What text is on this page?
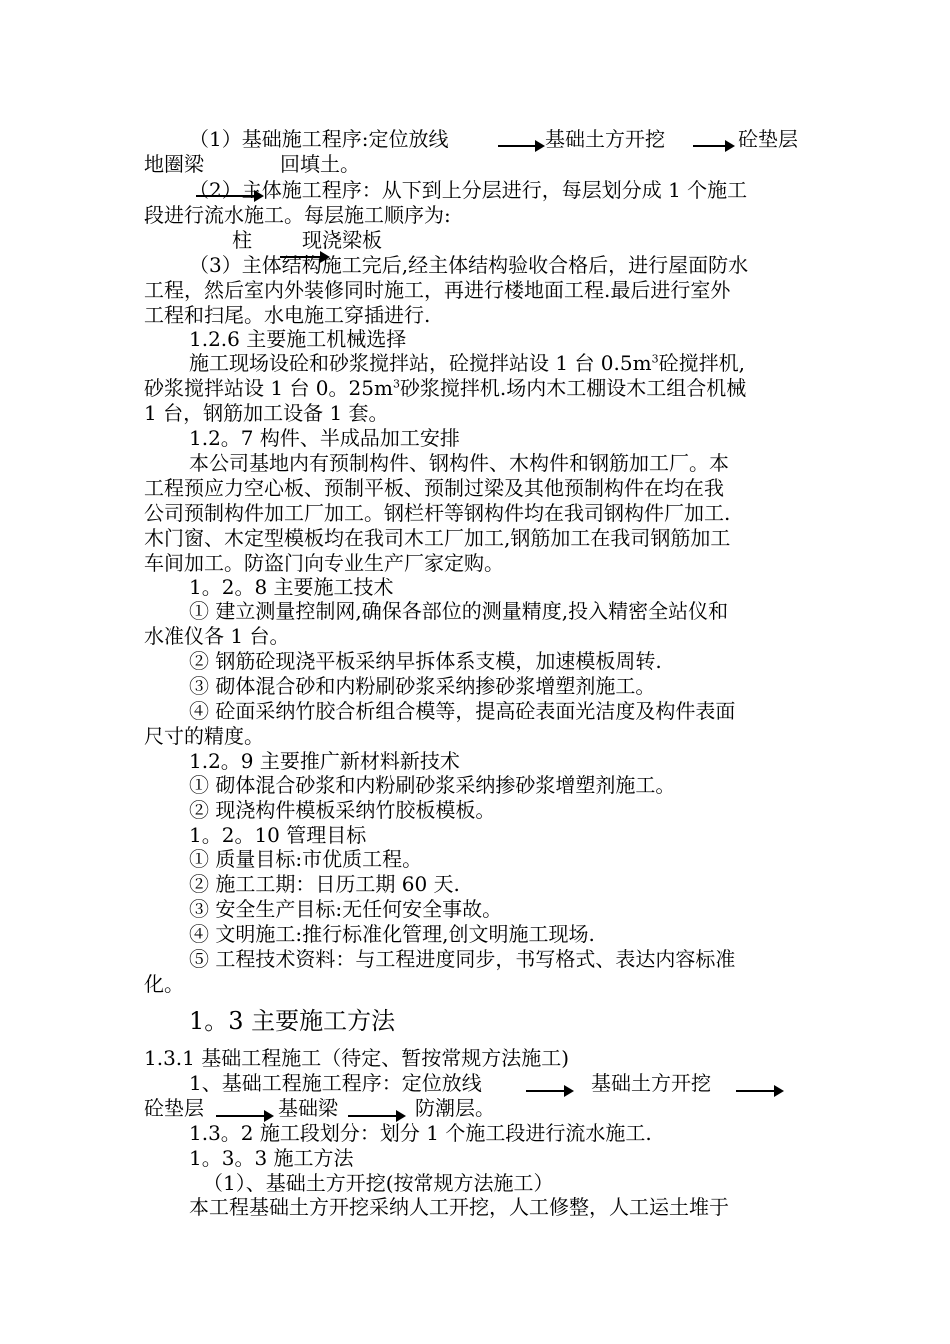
（1）基础施工程序:定位放线	基础土方开挖	砼垫层
地圈梁	回填土。
（2）主体施工程序：从下到上分层进行，每层划分成 1 个施工
段进行流水施工。每层施工顺序为:
柱	现浇梁板
（3）主体结构施工完后,经主体结构验收合格后，进行屋面防水
工程，然后室内外装修同时施工，再进行楼地面工程.最后进行室外
工程和扫尾。水电施工穿插进行.
1.2.6 主要施工机械选择
施工现场设砼和砂浆搅拌站，砼搅拌站设 1 台 $0.5m^3$砼搅拌机,
砂浆搅拌站设 1 台 0。$25m^3$砂浆搅拌机.场内木工棚设木工组合机械
1 台，钢筋加工设备 1 套。
1.2。7 构件、半成品加工安排
本公司基地内有预制构件、钢构件、木构件和钢筋加工厂。本
工程预应力空心板、预制平板、预制过梁及其他预制构件在均在我
公司预制构件加工厂加工。钢栏杆等钢构件均在我司钢构件厂加工.
木门窗、木定型模板均在我司木工厂加工,钢筋加工在我司钢筋加工
车间加工。防盗门向专业生产厂家定购。
1。2。8 主要施工技术
① 建立测量控制网,确保各部位的测量精度,投入精密全站仪和
水准仪各 1 台。
② 钢筋砼现浇平板采纳早拆体系支模，加速模板周转.
③ 砌体混合砂和内粉刷砂浆采纳掺砂浆增塑剂施工。
④ 砼面采纳竹胶合析组合模等，提高砼表面光洁度及构件表面
尺寸的精度。
1.2。9 主要推广新材料新技术
① 砌体混合砂浆和内粉刷砂浆采纳掺砂浆增塑剂施工。
② 现浇构件模板采纳竹胶板模板。
1。2。10 管理目标
① 质量目标:市优质工程。
② 施工工期：日历工期 60 天.
③ 安全生产目标:无任何安全事故。
④ 文明施工:推行标准化管理,创文明施工现场.
⑤ 工程技术资料：与工程进度同步，书写格式、表达内容标准
化。
1。3 主要施工方法
1.3.1 基础工程施工（待定、暂按常规方法施工)
1、基础工程施工程序：定位放线	基础土方开挖
砼垫层	基础梁	防潮层。
1.3。2 施工段划分：划分 1 个施工段进行流水施工.
1。3。3 施工方法
（1）、基础土方开挖(按常规方法施工）
本工程基础土方开挖采纳人工开挖，人工修整，人工运土堆于
